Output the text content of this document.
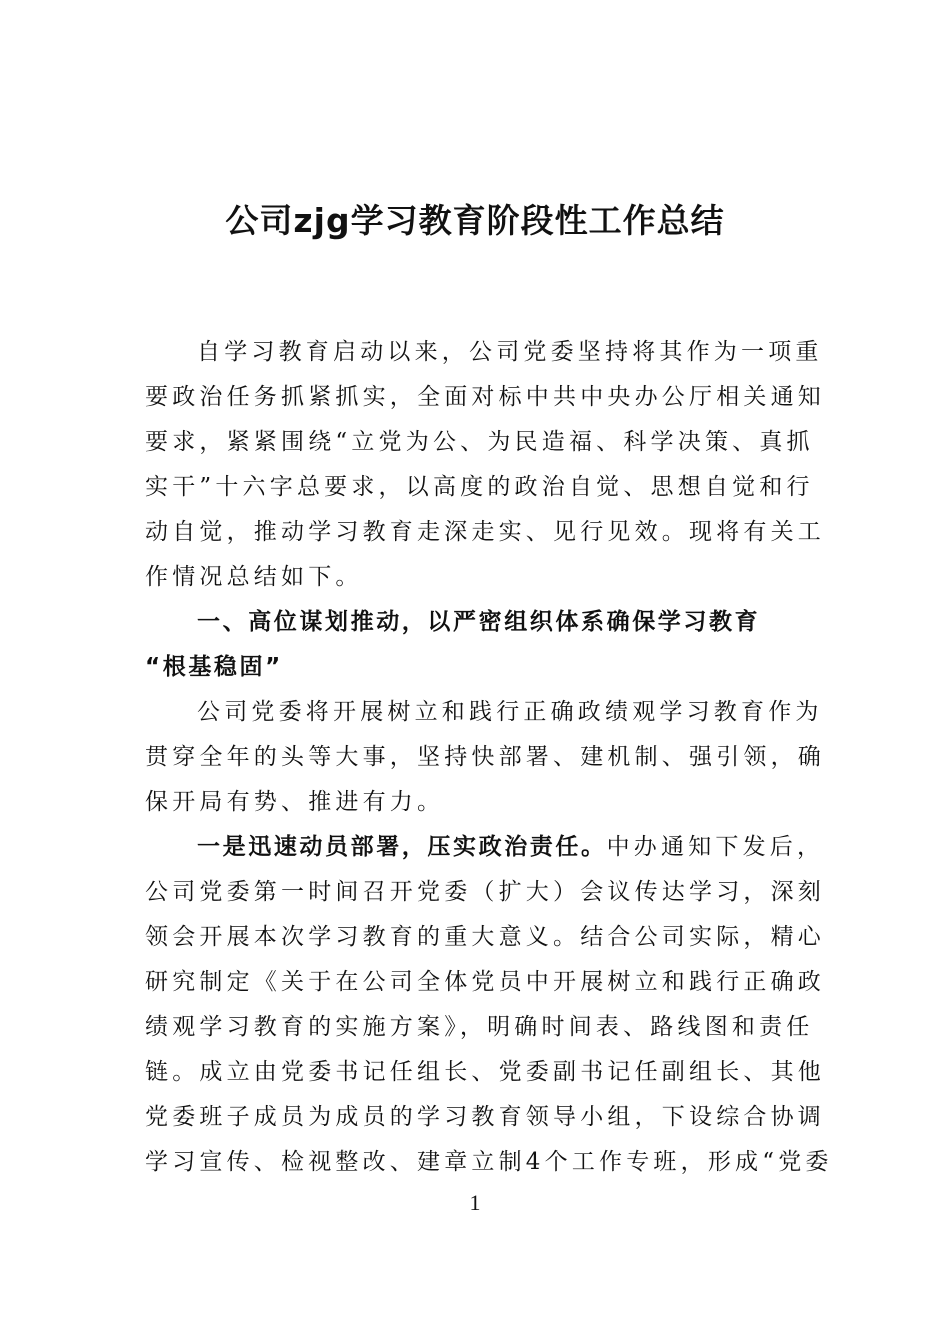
公司zjg学习教育阶段性工作总结
自学习教育启动以来，公司党委坚持将其作为一项重
要政治任务抓紧抓实，全面对标中共中央办公厅相关通知
要求，紧紧围绕“立党为公、为民造福、科学决策、真抓
实干”十六字总要求，以高度的政治自觉、思想自觉和行
动自觉，推动学习教育走深走实、见行见效。现将有关工
作情况总结如下。
一、高位谋划推动，以严密组织体系确保学习教育
“根基稳固”
公司党委将开展树立和践行正确政绩观学习教育作为
贯穿全年的头等大事，坚持快部署、建机制、强引领，确
保开局有势、推进有力。
一是迅速动员部署，压实政治责任。中办通知下发后，
公司党委第一时间召开党委（扩大）会议传达学习，深刻
领会开展本次学习教育的重大意义。结合公司实际，精心
研究制定《关于在公司全体党员中开展树立和践行正确政
绩观学习教育的实施方案》，明确时间表、路线图和责任
链。成立由党委书记任组长、党委副书记任副组长、其他
党委班子成员为成员的学习教育领导小组，下设综合协调
学习宣传、检视整改、建章立制4个工作专班，形成“党委
1
